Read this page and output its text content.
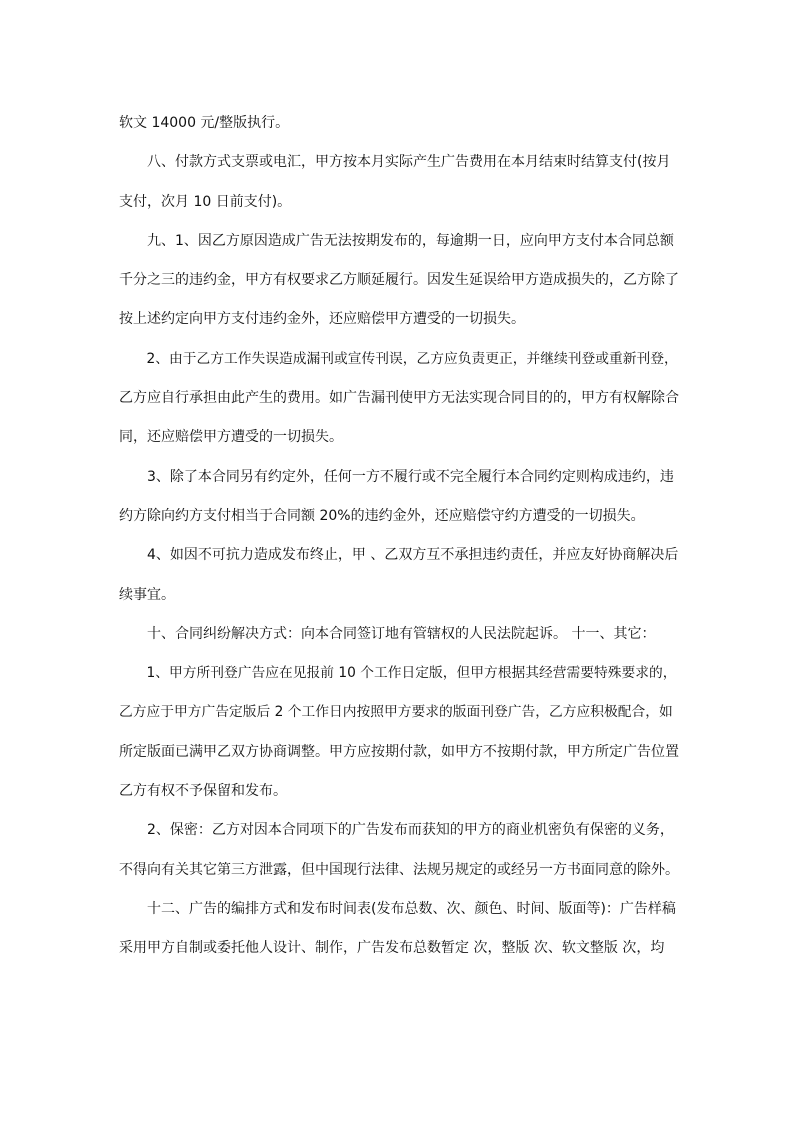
软文 14000 元/整版执行。

　　八、付款方式支票或电汇，甲方按本月实际产生广告费用在本月结束时结算支付(按月

支付，次月 10 日前支付)。

　　九、1、因乙方原因造成广告无法按期发布的，每逾期一日，应向甲方支付本合同总额

千分之三的违约金，甲方有权要求乙方顺延履行。因发生延误给甲方造成损失的，乙方除了

按上述约定向甲方支付违约金外，还应赔偿甲方遭受的一切损失。

　　2、由于乙方工作失误造成漏刊或宣传刊误，乙方应负责更正，并继续刊登或重新刊登，

乙方应自行承担由此产生的费用。如广告漏刊使甲方无法实现合同目的的，甲方有权解除合

同，还应赔偿甲方遭受的一切损失。

　　3、除了本合同另有约定外，任何一方不履行或不完全履行本合同约定则构成违约，违

约方除向约方支付相当于合同额 20%的违约金外，还应赔偿守约方遭受的一切损失。

　　4、如因不可抗力造成发布终止，甲 、乙双方互不承担违约责任，并应友好协商解决后

续事宜。

　　十、合同纠纷解决方式：向本合同签订地有管辖权的人民法院起诉。 十一、其它：

　　1、甲方所刊登广告应在见报前 10 个工作日定版，但甲方根据其经营需要特殊要求的，

乙方应于甲方广告定版后 2 个工作日内按照甲方要求的版面刊登广告，乙方应积极配合，如

所定版面已满甲乙双方协商调整。甲方应按期付款，如甲方不按期付款，甲方所定广告位置

乙方有权不予保留和发布。

　　2、保密：乙方对因本合同项下的广告发布而获知的甲方的商业机密负有保密的义务，

不得向有关其它第三方泄露，但中国现行法律、法规另规定的或经另一方书面同意的除外。

　　十二、广告的编排方式和发布时间表(发布总数、次、颜色、时间、版面等)：广告样稿

采用甲方自制或委托他人设计、制作，广告发布总数暂定 次，整版 次、软文整版 次，均
